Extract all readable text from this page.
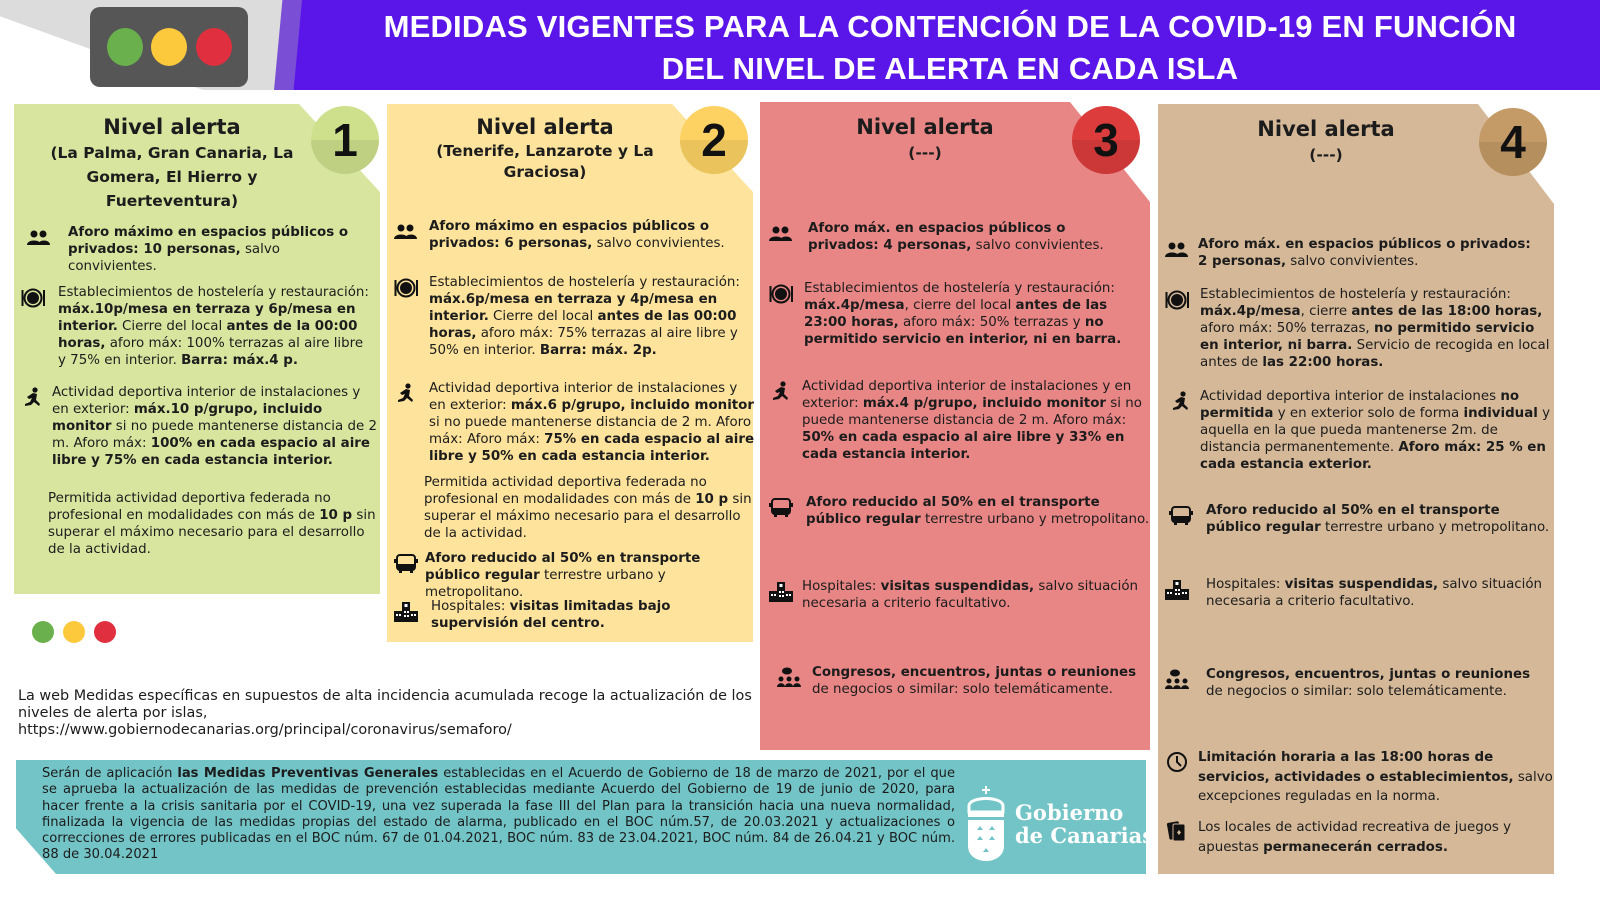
MEDIDAS VIGENTES PARA LA CONTENCIÓN DE LA COVID-19 EN FUNCIÓN
DEL NIVEL DE ALERTA EN CADA ISLA
1
Nivel alerta
(La Palma, Gran Canaria, La Gomera, El Hierro y Fuerteventura)
Aforo máximo en espacios públicos o privados: 10 personas, salvo convivientes.
Establecimientos de hostelería y restauración: máx.10p/mesa en terraza y 6p/mesa en interior. Cierre del local antes de la 00:00 horas, aforo máx: 100% terrazas al aire libre y 75% en interior. Barra: máx.4 p.
Actividad deportiva interior de instalaciones y en exterior: máx.10 p/grupo, incluido monitor si no puede mantenerse distancia de 2 m. Aforo máx: 100% en cada espacio al aire libre y 75% en cada estancia interior.
Permitida actividad deportiva federada no profesional en modalidades con más de 10 p sin superar el máximo necesario para el desarrollo de la actividad.
2
Nivel alerta
(Tenerife, Lanzarote y La Graciosa)
Aforo máximo en espacios públicos o privados: 6 personas, salvo convivientes.
Establecimientos de hostelería y restauración: máx.6p/mesa en terraza y 4p/mesa en interior. Cierre del local antes de las 00:00 horas, aforo máx: 75% terrazas al aire libre y 50% en interior. Barra: máx. 2p.
Actividad deportiva interior de instalaciones y en exterior: máx.6 p/grupo, incluido monitor si no puede mantenerse distancia de 2 m. Aforo máx: Aforo máx: 75% en cada espacio al aire libre y 50% en cada estancia interior.
Permitida actividad deportiva federada no profesional en modalidades con más de 10 p sin superar el máximo necesario para el desarrollo de la actividad.
Aforo reducido al 50% en transporte público regular terrestre urbano y metropolitano.
Hospitales: visitas limitadas bajo supervisión del centro.
3
Nivel alerta
(---)
Aforo máx. en espacios públicos o privados: 4 personas, salvo convivientes.
Establecimientos de hostelería y restauración: máx.4p/mesa, cierre del local antes de las 23:00 horas, aforo máx: 50% terrazas y no permitido servicio en interior, ni en barra.
Actividad deportiva interior de instalaciones y en exterior: máx.4 p/grupo, incluido monitor si no puede mantenerse distancia de 2 m. Aforo máx: 50% en cada espacio al aire libre y 33% en cada estancia interior.
Aforo reducido al 50% en el transporte público regular terrestre urbano y metropolitano.
Hospitales: visitas suspendidas, salvo situación necesaria a criterio facultativo.
Congresos, encuentros, juntas o reuniones de negocios o similar: solo telemáticamente.
4
Nivel alerta
(---)
Aforo máx. en espacios públicos o privados: 2 personas, salvo convivientes.
Establecimientos de hostelería y restauración: máx.4p/mesa, cierre antes de las 18:00 horas, aforo máx: 50% terrazas, no permitido servicio en interior, ni barra. Servicio de recogida en local antes de las 22:00 horas.
Actividad deportiva interior de instalaciones no permitida y en exterior solo de forma individual y aquella en la que pueda mantenerse 2m. de distancia permanentemente. Aforo máx: 25 % en cada estancia exterior.
Aforo reducido al 50% en el transporte público regular terrestre urbano y metropolitano.
Hospitales: visitas suspendidas, salvo situación necesaria a criterio facultativo.
Congresos, encuentros, juntas o reuniones de negocios o similar: solo telemáticamente.
Limitación horaria a las 18:00 horas de servicios, actividades o establecimientos, salvo excepciones reguladas en la norma.
Los locales de actividad recreativa de juegos y apuestas permanecerán cerrados.
La web Medidas específicas en supuestos de alta incidencia acumulada recoge la actualización de los niveles de alerta por islas,
https://www.gobiernodecanarias.org/principal/coronavirus/semaforo/
Serán de aplicación las Medidas Preventivas Generales establecidas en el Acuerdo de Gobierno de 18 de marzo de 2021, por el que se aprueba la actualización de las medidas de prevención establecidas mediante Acuerdo del Gobierno de 19 de junio de 2020, para hacer frente a la crisis sanitaria por el COVID-19, una vez superada la fase III del Plan para la transición hacia una nueva normalidad, finalizada la vigencia de las medidas propias del estado de alarma, publicado en el BOC núm.57, de 20.03.2021 y actualizaciones o correcciones de errores publicadas en el BOC núm. 67 de 01.04.2021, BOC núm. 83 de 23.04.2021, BOC núm. 84 de 26.04.21 y BOC núm. 88 de 30.04.2021
Gobierno
de Canarias
